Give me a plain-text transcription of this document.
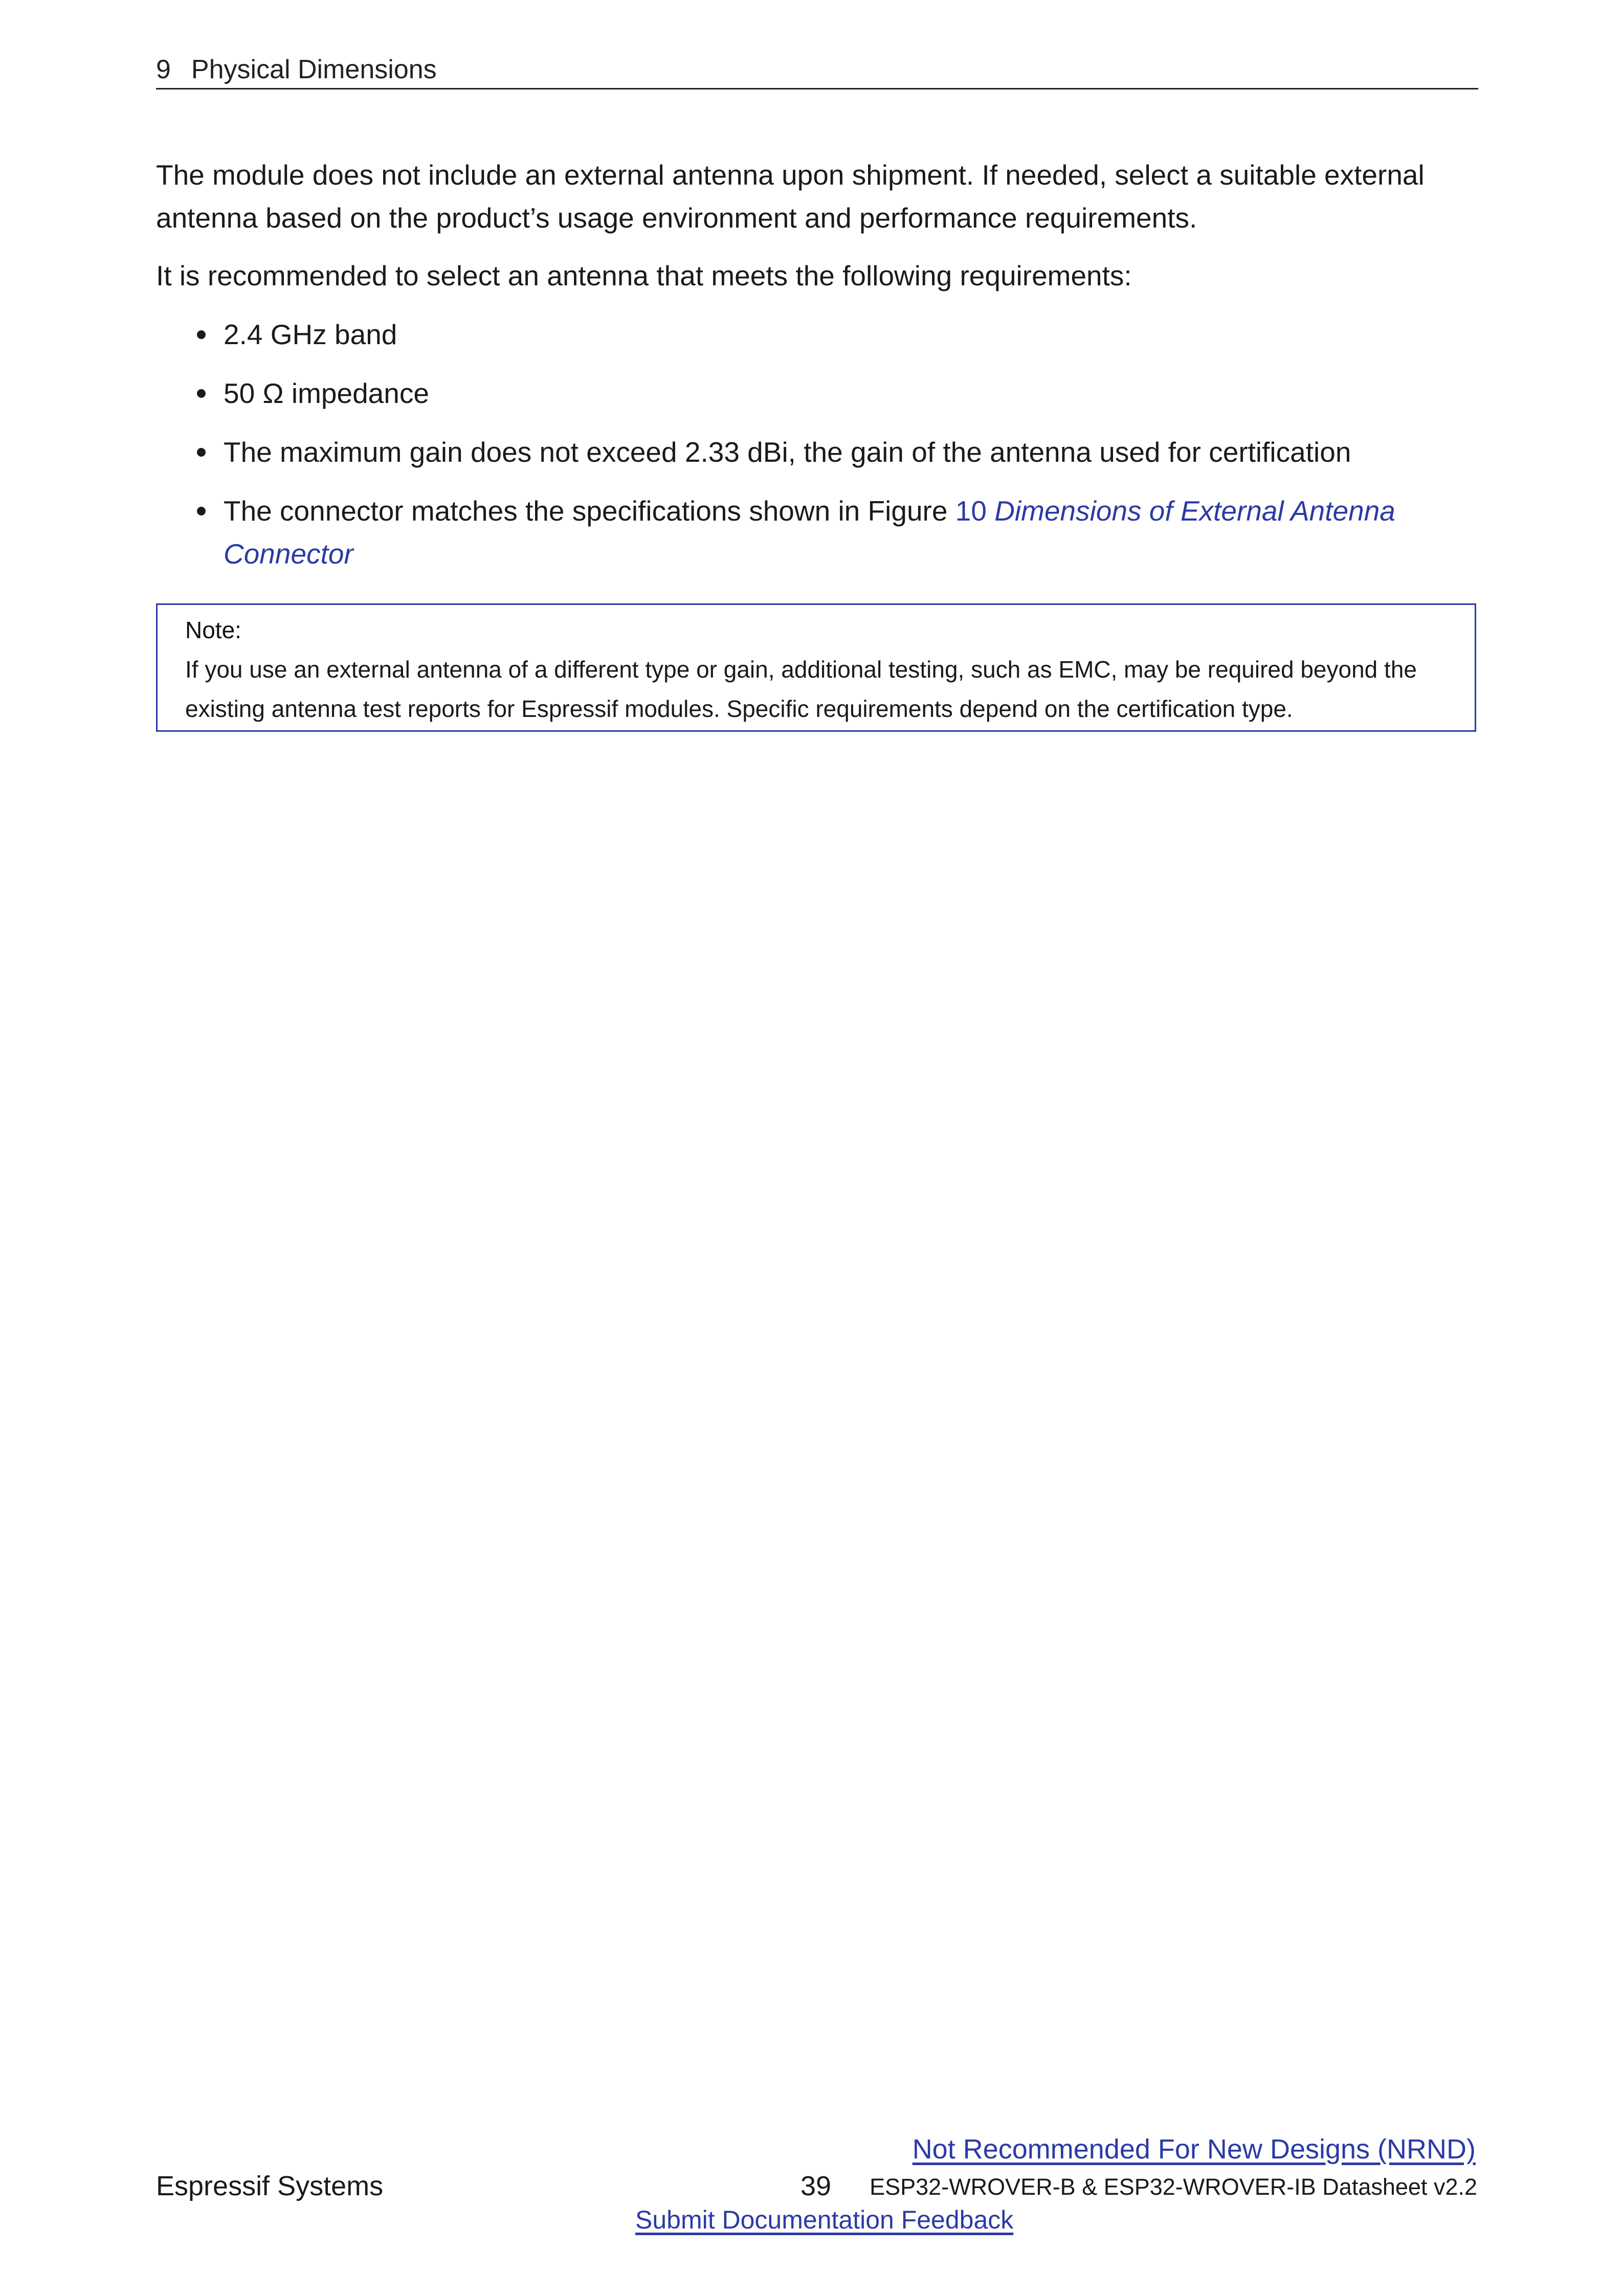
9 Physical Dimensions
The module does not include an external antenna upon shipment. If needed, select a suitable external antenna based on the product’s usage environment and performance requirements.
It is recommended to select an antenna that meets the following requirements:
2.4 GHz band
50 Ω impedance
The maximum gain does not exceed 2.33 dBi, the gain of the antenna used for certification
The connector matches the specifications shown in Figure 10 Dimensions of External Antenna Connector
Note:
If you use an external antenna of a different type or gain, additional testing, such as EMC, may be required beyond the existing antenna test reports for Espressif modules. Specific requirements depend on the certification type.
Not Recommended For New Designs (NRND)
Espressif Systems	39 ESP32-WROVER-B & ESP32-WROVER-IB Datasheet v2.2
Submit Documentation Feedback
